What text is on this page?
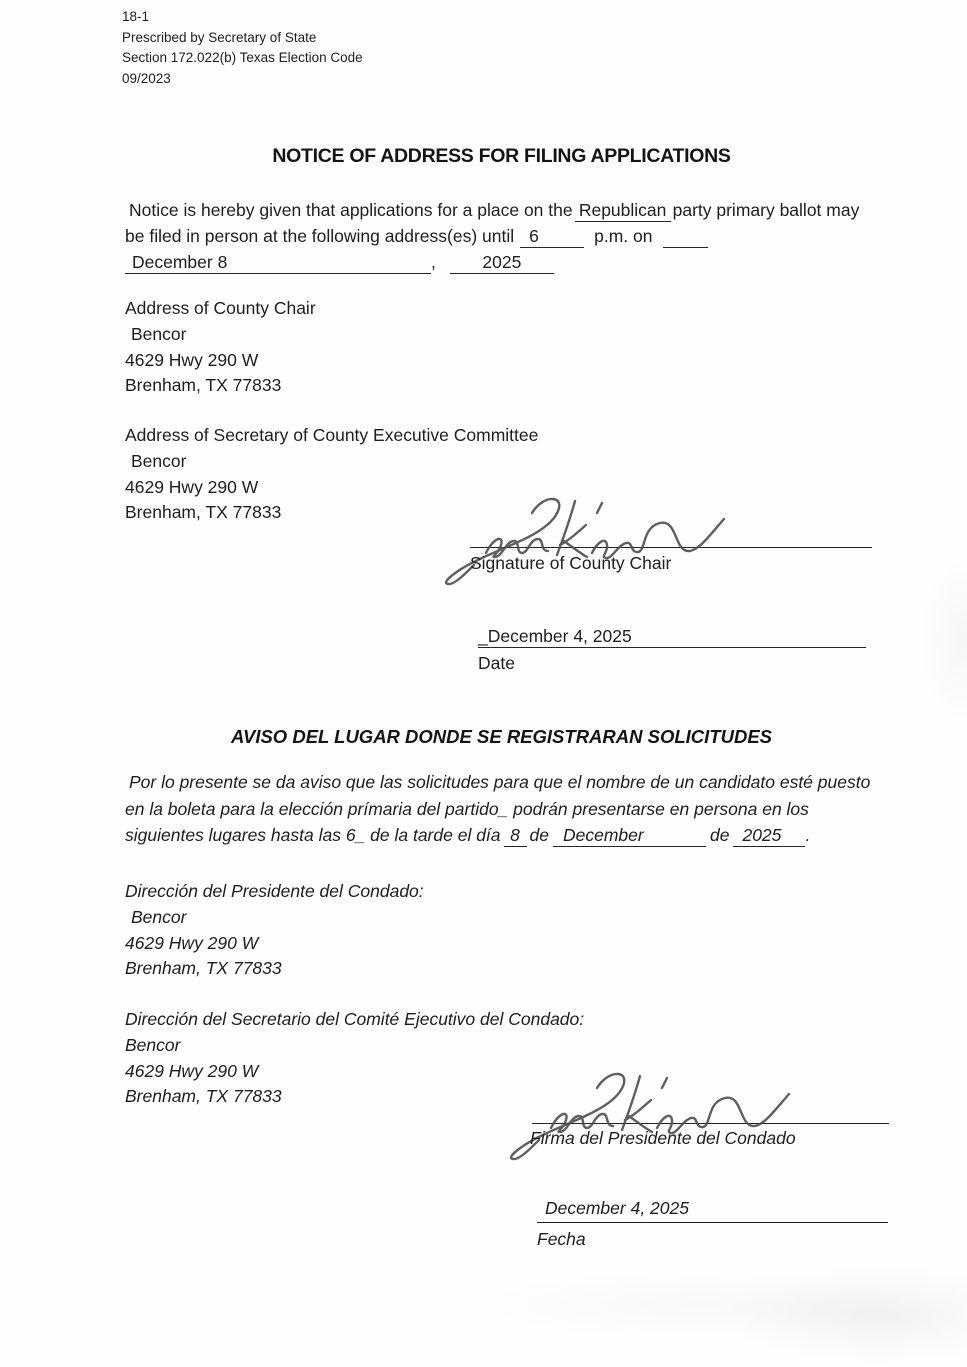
18-1
Prescribed by Secretary of State
Section 172.022(b) Texas Election Code
09/2023
NOTICE OF ADDRESS FOR FILING APPLICATIONS
Notice is hereby given that applications for a place on the Republican party primary ballot may
be filed in person at the following address(es) until 6	p.m. on
December 8	,	2025
Address of County Chair
Bencor
4629 Hwy 290 W
Brenham, TX 77833
Address of Secretary of County Executive Committee
Bencor
4629 Hwy 290 W
Brenham, TX 77833
Signature of County Chair
_December 4, 2025
Date
AVISO DEL LUGAR DONDE SE REGISTRARAN SOLICITUDES
Por lo presente se da aviso que las solicitudes para que el nombre de un candidato esté puesto
en la boleta para la elección prímaria del partido_ podrán presentarse en persona en los
siguientes lugares hasta las 6_ de la tarde el día 8 de December	de 2025 .
Dirección del Presidente del Condado:
Bencor
4629 Hwy 290 W
Brenham, TX 77833
Dirección del Secretario del Comité Ejecutivo del Condado:
Bencor
4629 Hwy 290 W
Brenham, TX 77833
Firma del Presidente del Condado
December 4, 2025
Fecha
